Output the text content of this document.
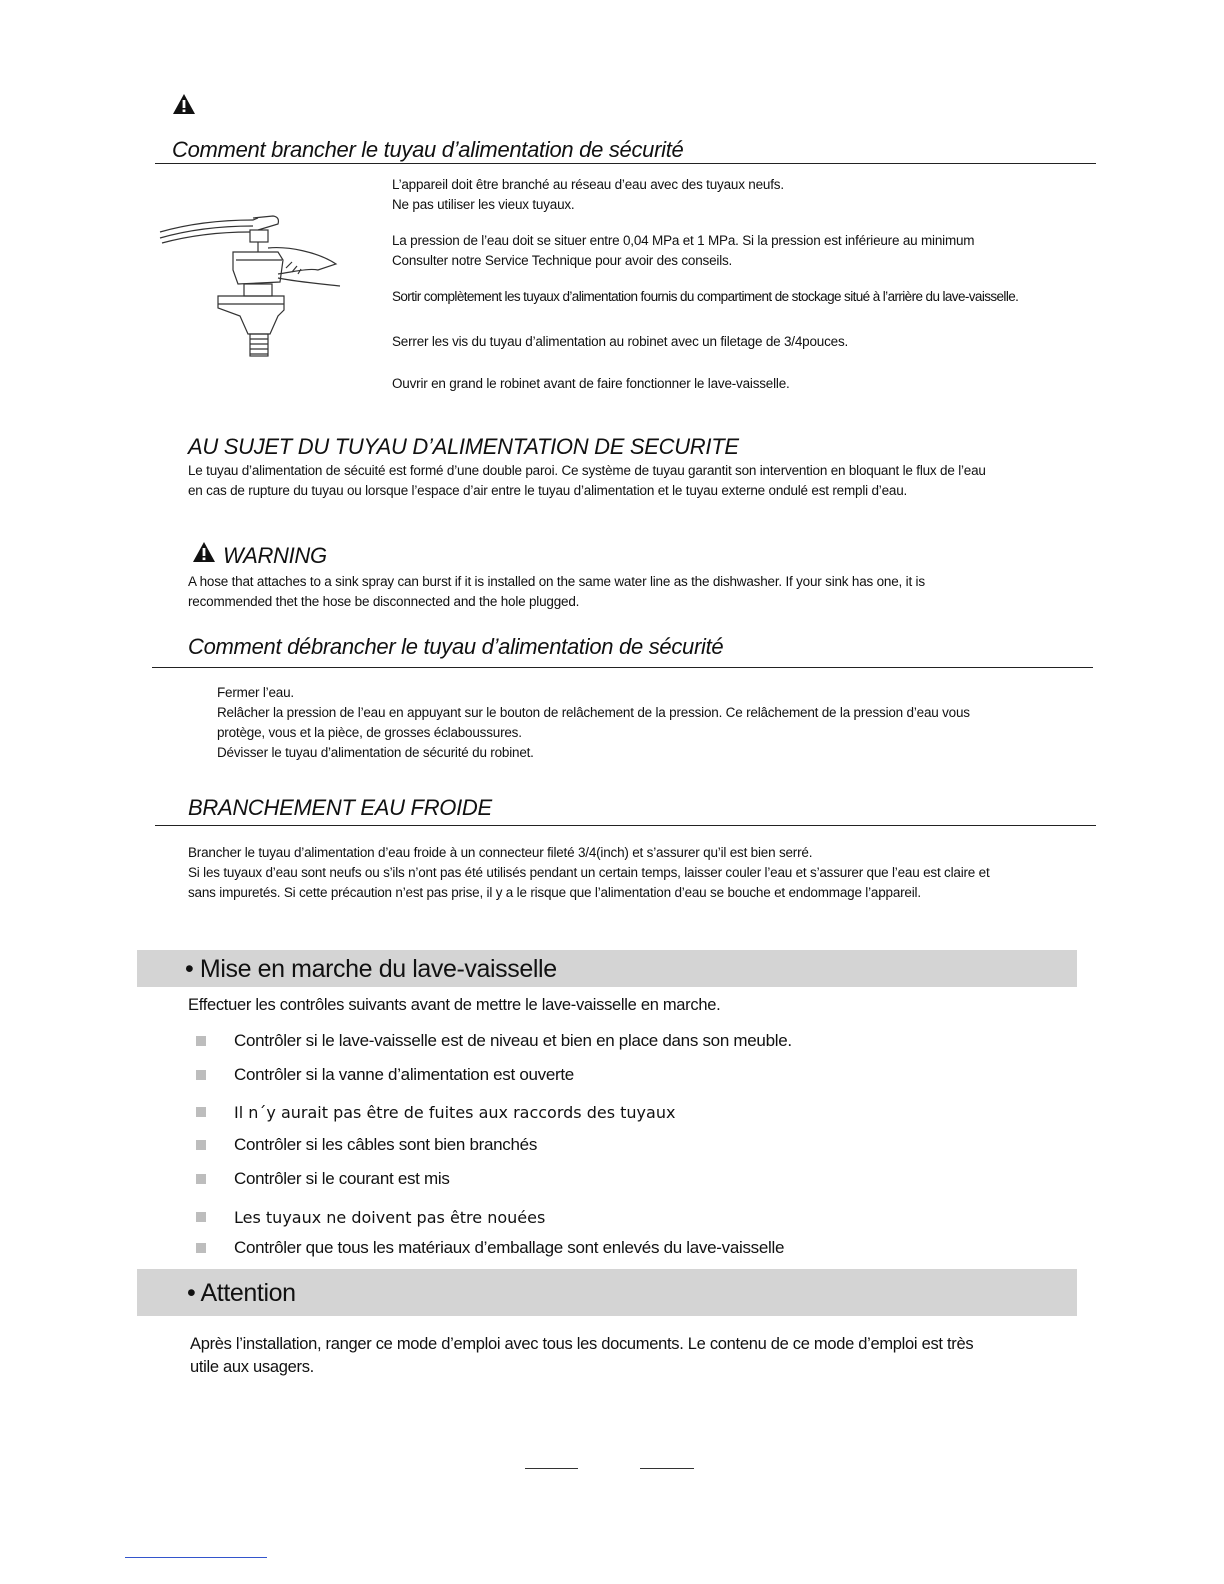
Comment brancher le tuyau d’alimentation de sécurité

L’appareil doit être branché au réseau d’eau avec des tuyaux neufs.

Ne pas utiliser les vieux tuyaux.

La pression de l’eau doit se situer entre 0,04 MPa et 1 MPa. Si la pression est inférieure au minimum

Consulter notre Service Technique pour avoir des conseils.

Sortir complètement les tuyaux d’alimentation fournis du compartiment de stockage situé à l’arrière du lave-vaisselle.

Serrer les vis du tuyau d’alimentation au robinet avec un filetage de 3/4pouces.

Ouvrir en grand le robinet avant de faire fonctionner le lave-vaisselle.

AU SUJET DU TUYAU D’ALIMENTATION DE SECURITE

Le tuyau d’alimentation de sécuité est formé d’une double paroi. Ce système de tuyau garantit son intervention en bloquant le flux de l’eau

en cas de rupture du tuyau ou lorsque l’espace d’air entre le tuyau d’alimentation et le tuyau externe ondulé est rempli d’eau.

WARNING

A hose that attaches to a sink spray can burst if it is installed on the same water line as the dishwasher. If your sink has one, it is

recommended thet the hose be disconnected and the hole plugged.

Comment débrancher le tuyau d’alimentation de sécurité

Fermer l’eau.

Relâcher la pression de l’eau en appuyant sur le bouton de relâchement de la pression. Ce relâchement de la pression d’eau vous

protège, vous et la pièce, de grosses éclaboussures.

Dévisser le tuyau d’alimentation de sécurité du robinet.

BRANCHEMENT EAU FROIDE

Brancher le tuyau d’alimentation d’eau froide à un connecteur fileté 3/4(inch) et s’assurer qu’il est bien serré.

Si les tuyaux d’eau sont neufs ou s’ils n’ont pas été utilisés pendant un certain temps, laisser couler l’eau et s’assurer que l’eau est claire et

sans impuretés. Si cette précaution n’est pas prise, il y a le risque que l’alimentation d’eau se bouche et endommage l’appareil.

• Mise en marche du lave-vaisselle
Effectuer les contrôles suivants avant de mettre le lave-vaisselle en marche.
Contrôler si le lave-vaisselle est de niveau et bien en place dans son meuble.
Contrôler si la vanne d’alimentation est ouverte
Il n´y aurait pas être de fuites aux raccords des tuyaux
Contrôler si les câbles sont bien branchés
Contrôler si le courant est mis
Les tuyaux ne doivent pas être nouées
Contrôler que tous les matériaux d’emballage sont enlevés du lave-vaisselle
• Attention
Après l’installation, ranger ce mode d’emploi avec tous les documents. Le contenu de ce mode d’emploi est très
utile aux usagers.
